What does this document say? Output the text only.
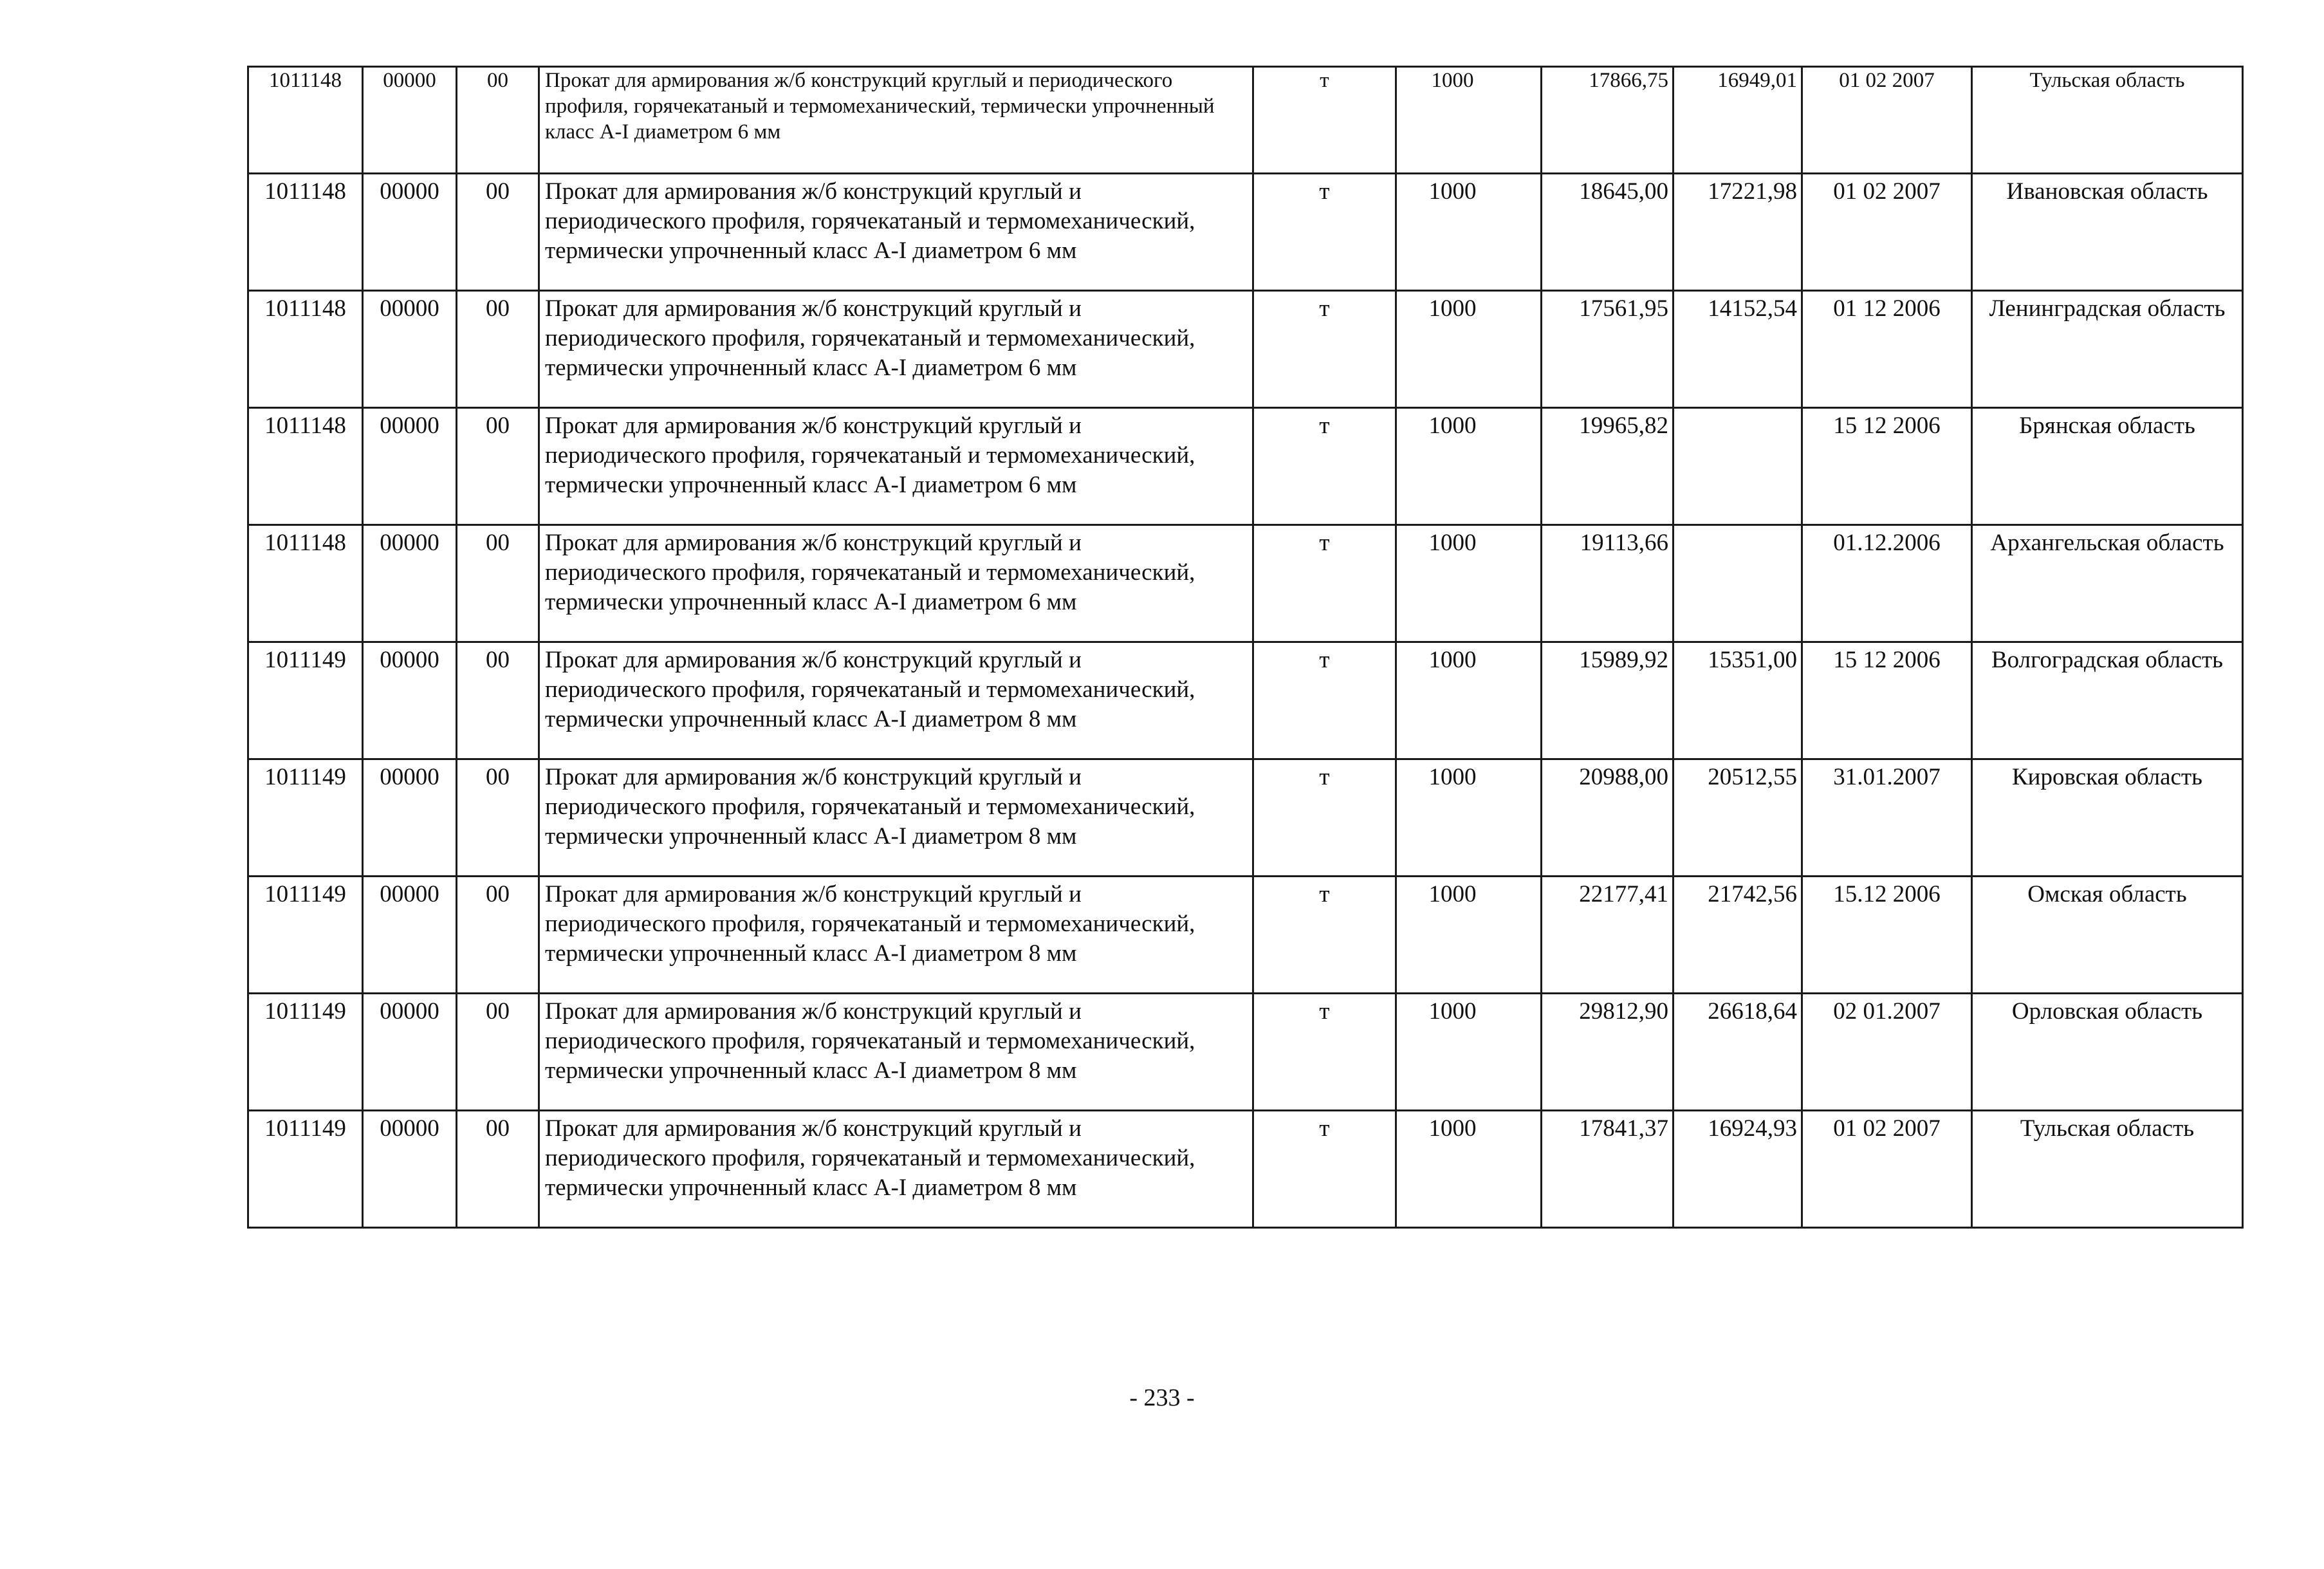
1011148	00000	00	Прокат для армирования ж/б конструкций круглый и периодического профиля, горячекатаный и термомеханический, термически упрочненный класс А-I диаметром 6 мм	т	1000	17866,75	16949,01	01 02 2007	Тульская область
1011148	00000	00	Прокат для армирования ж/б конструкций круглый и периодического профиля, горячекатаный и термомеханический, термически упрочненный класс А-I диаметром 6 мм	т	1000	18645,00	17221,98	01 02 2007	Ивановская область
1011148	00000	00	Прокат для армирования ж/б конструкций круглый и периодического профиля, горячекатаный и термомеханический, термически упрочненный класс А-I диаметром 6 мм	т	1000	17561,95	14152,54	01 12 2006	Ленинградская область
1011148	00000	00	Прокат для армирования ж/б конструкций круглый и периодического профиля, горячекатаный и термомеханический, термически упрочненный класс А-I диаметром 6 мм	т	1000	19965,82		15 12 2006	Брянская область
1011148	00000	00	Прокат для армирования ж/б конструкций круглый и периодического профиля, горячекатаный и термомеханический, термически упрочненный класс А-I диаметром 6 мм	т	1000	19113,66		01.12.2006	Архангельская область
1011149	00000	00	Прокат для армирования ж/б конструкций круглый и периодического профиля, горячекатаный и термомеханический, термически упрочненный класс А-I диаметром 8 мм	т	1000	15989,92	15351,00	15 12 2006	Волгоградская область
1011149	00000	00	Прокат для армирования ж/б конструкций круглый и периодического профиля, горячекатаный и термомеханический, термически упрочненный класс А-I диаметром 8 мм	т	1000	20988,00	20512,55	31.01.2007	Кировская область
1011149	00000	00	Прокат для армирования ж/б конструкций круглый и периодического профиля, горячекатаный и термомеханический, термически упрочненный класс А-I диаметром 8 мм	т	1000	22177,41	21742,56	15.12 2006	Омская область
1011149	00000	00	Прокат для армирования ж/б конструкций круглый и периодического профиля, горячекатаный и термомеханический, термически упрочненный класс А-I диаметром 8 мм	т	1000	29812,90	26618,64	02 01.2007	Орловская область
1011149	00000	00	Прокат для армирования ж/б конструкций круглый и периодического профиля, горячекатаный и термомеханический, термически упрочненный класс А-I диаметром 8 мм	т	1000	17841,37	16924,93	01 02 2007	Тульская область
- 233 -
